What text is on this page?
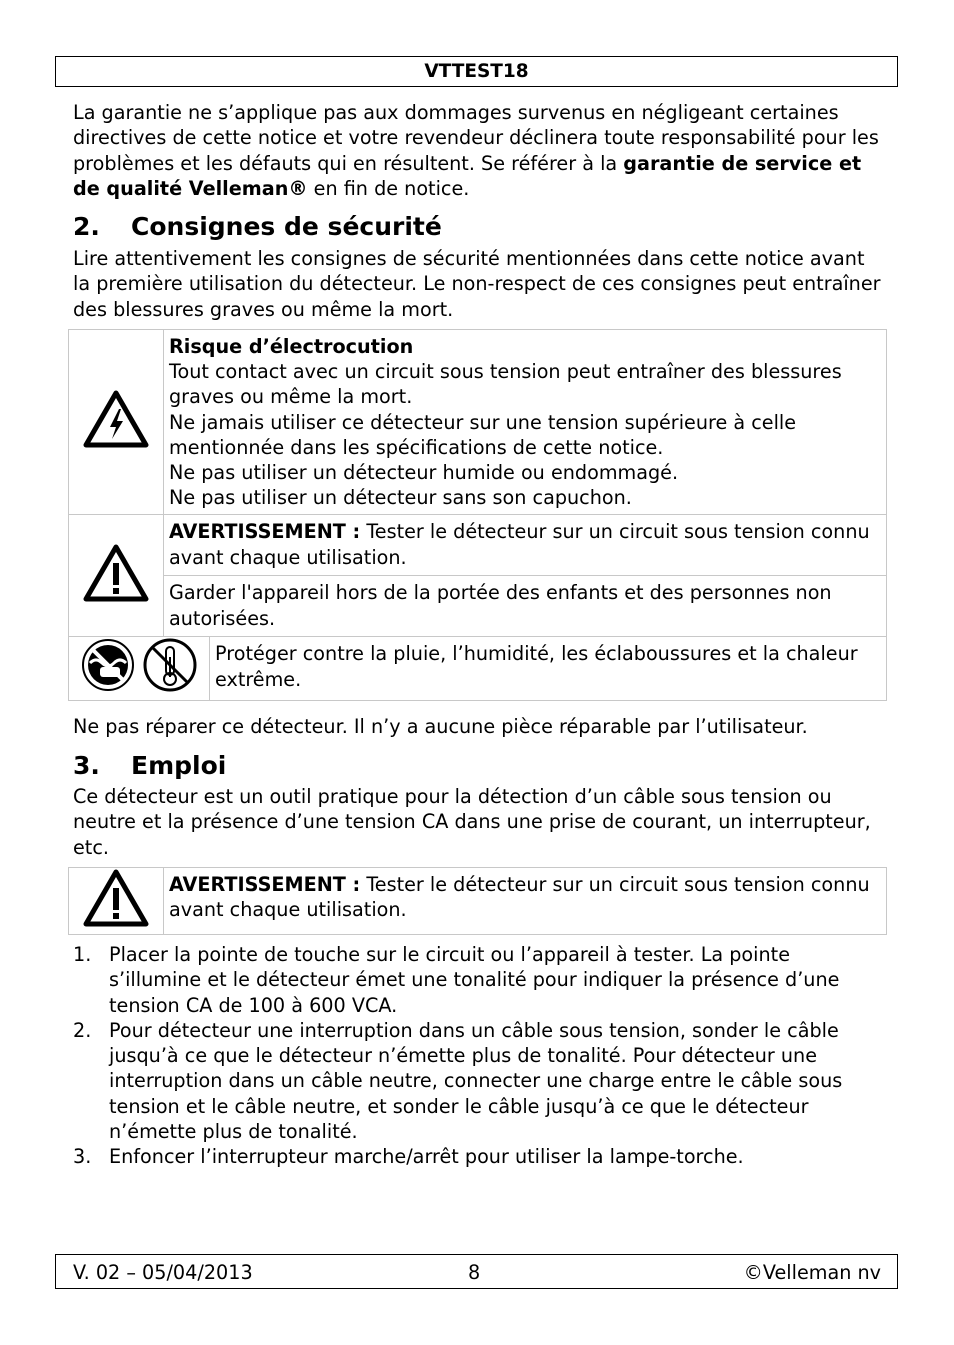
VTTEST18

La garantie ne s’applique pas aux dommages survenus en négligeant certaines directives de cette notice et votre revendeur déclinera toute responsabilité pour les problèmes et les défauts qui en résultent. Se référer à la garantie de service et de qualité Velleman® en fin de notice.

2. Consignes de sécurité

Lire attentivement les consignes de sécurité mentionnées dans cette notice avant la première utilisation du détecteur. Le non-respect de ces consignes peut entraîner des blessures graves ou même la mort.

	Risque d’électrocution
Tout contact avec un circuit sous tension peut entraîner des blessures graves ou même la mort.
Ne jamais utiliser ce détecteur sur une tension supérieure à celle mentionnée dans les spécifications de cette notice.
Ne pas utiliser un détecteur humide ou endommagé.
Ne pas utiliser un détecteur sans son capuchon.	
	AVERTISSEMENT : Tester le détecteur sur un circuit sous tension connu avant chaque utilisation.	
	Garder l'appareil hors de la portée des enfants et des personnes non autorisées.	
	Protéger contre la pluie, l’humidité, les éclaboussures et la chaleur extrême.

Ne pas réparer ce détecteur. Il n’y a aucune pièce réparable par l’utilisateur.

3. Emploi

Ce détecteur est un outil pratique pour la détection d’un câble sous tension ou neutre et la présence d’une tension CA dans une prise de courant, un interrupteur, etc.

	AVERTISSEMENT : Tester le détecteur sur un circuit sous tension connu avant chaque utilisation.
1. Placer la pointe de touche sur le circuit ou l’appareil à tester. La pointe s’illumine et le détecteur émet une tonalité pour indiquer la présence d’une tension CA de 100 à 600 VCA.
2. Pour détecteur une interruption dans un câble sous tension, sonder le câble jusqu’à ce que le détecteur n’émette plus de tonalité. Pour détecteur une interruption dans un câble neutre, connecter une charge entre le câble sous tension et le câble neutre, et sonder le câble jusqu’à ce que le détecteur n’émette plus de tonalité.
3. Enfoncer l’interrupteur marche/arrêt pour utiliser la lampe-torche.
V. 02 – 05/04/2013	8	©Velleman nv
